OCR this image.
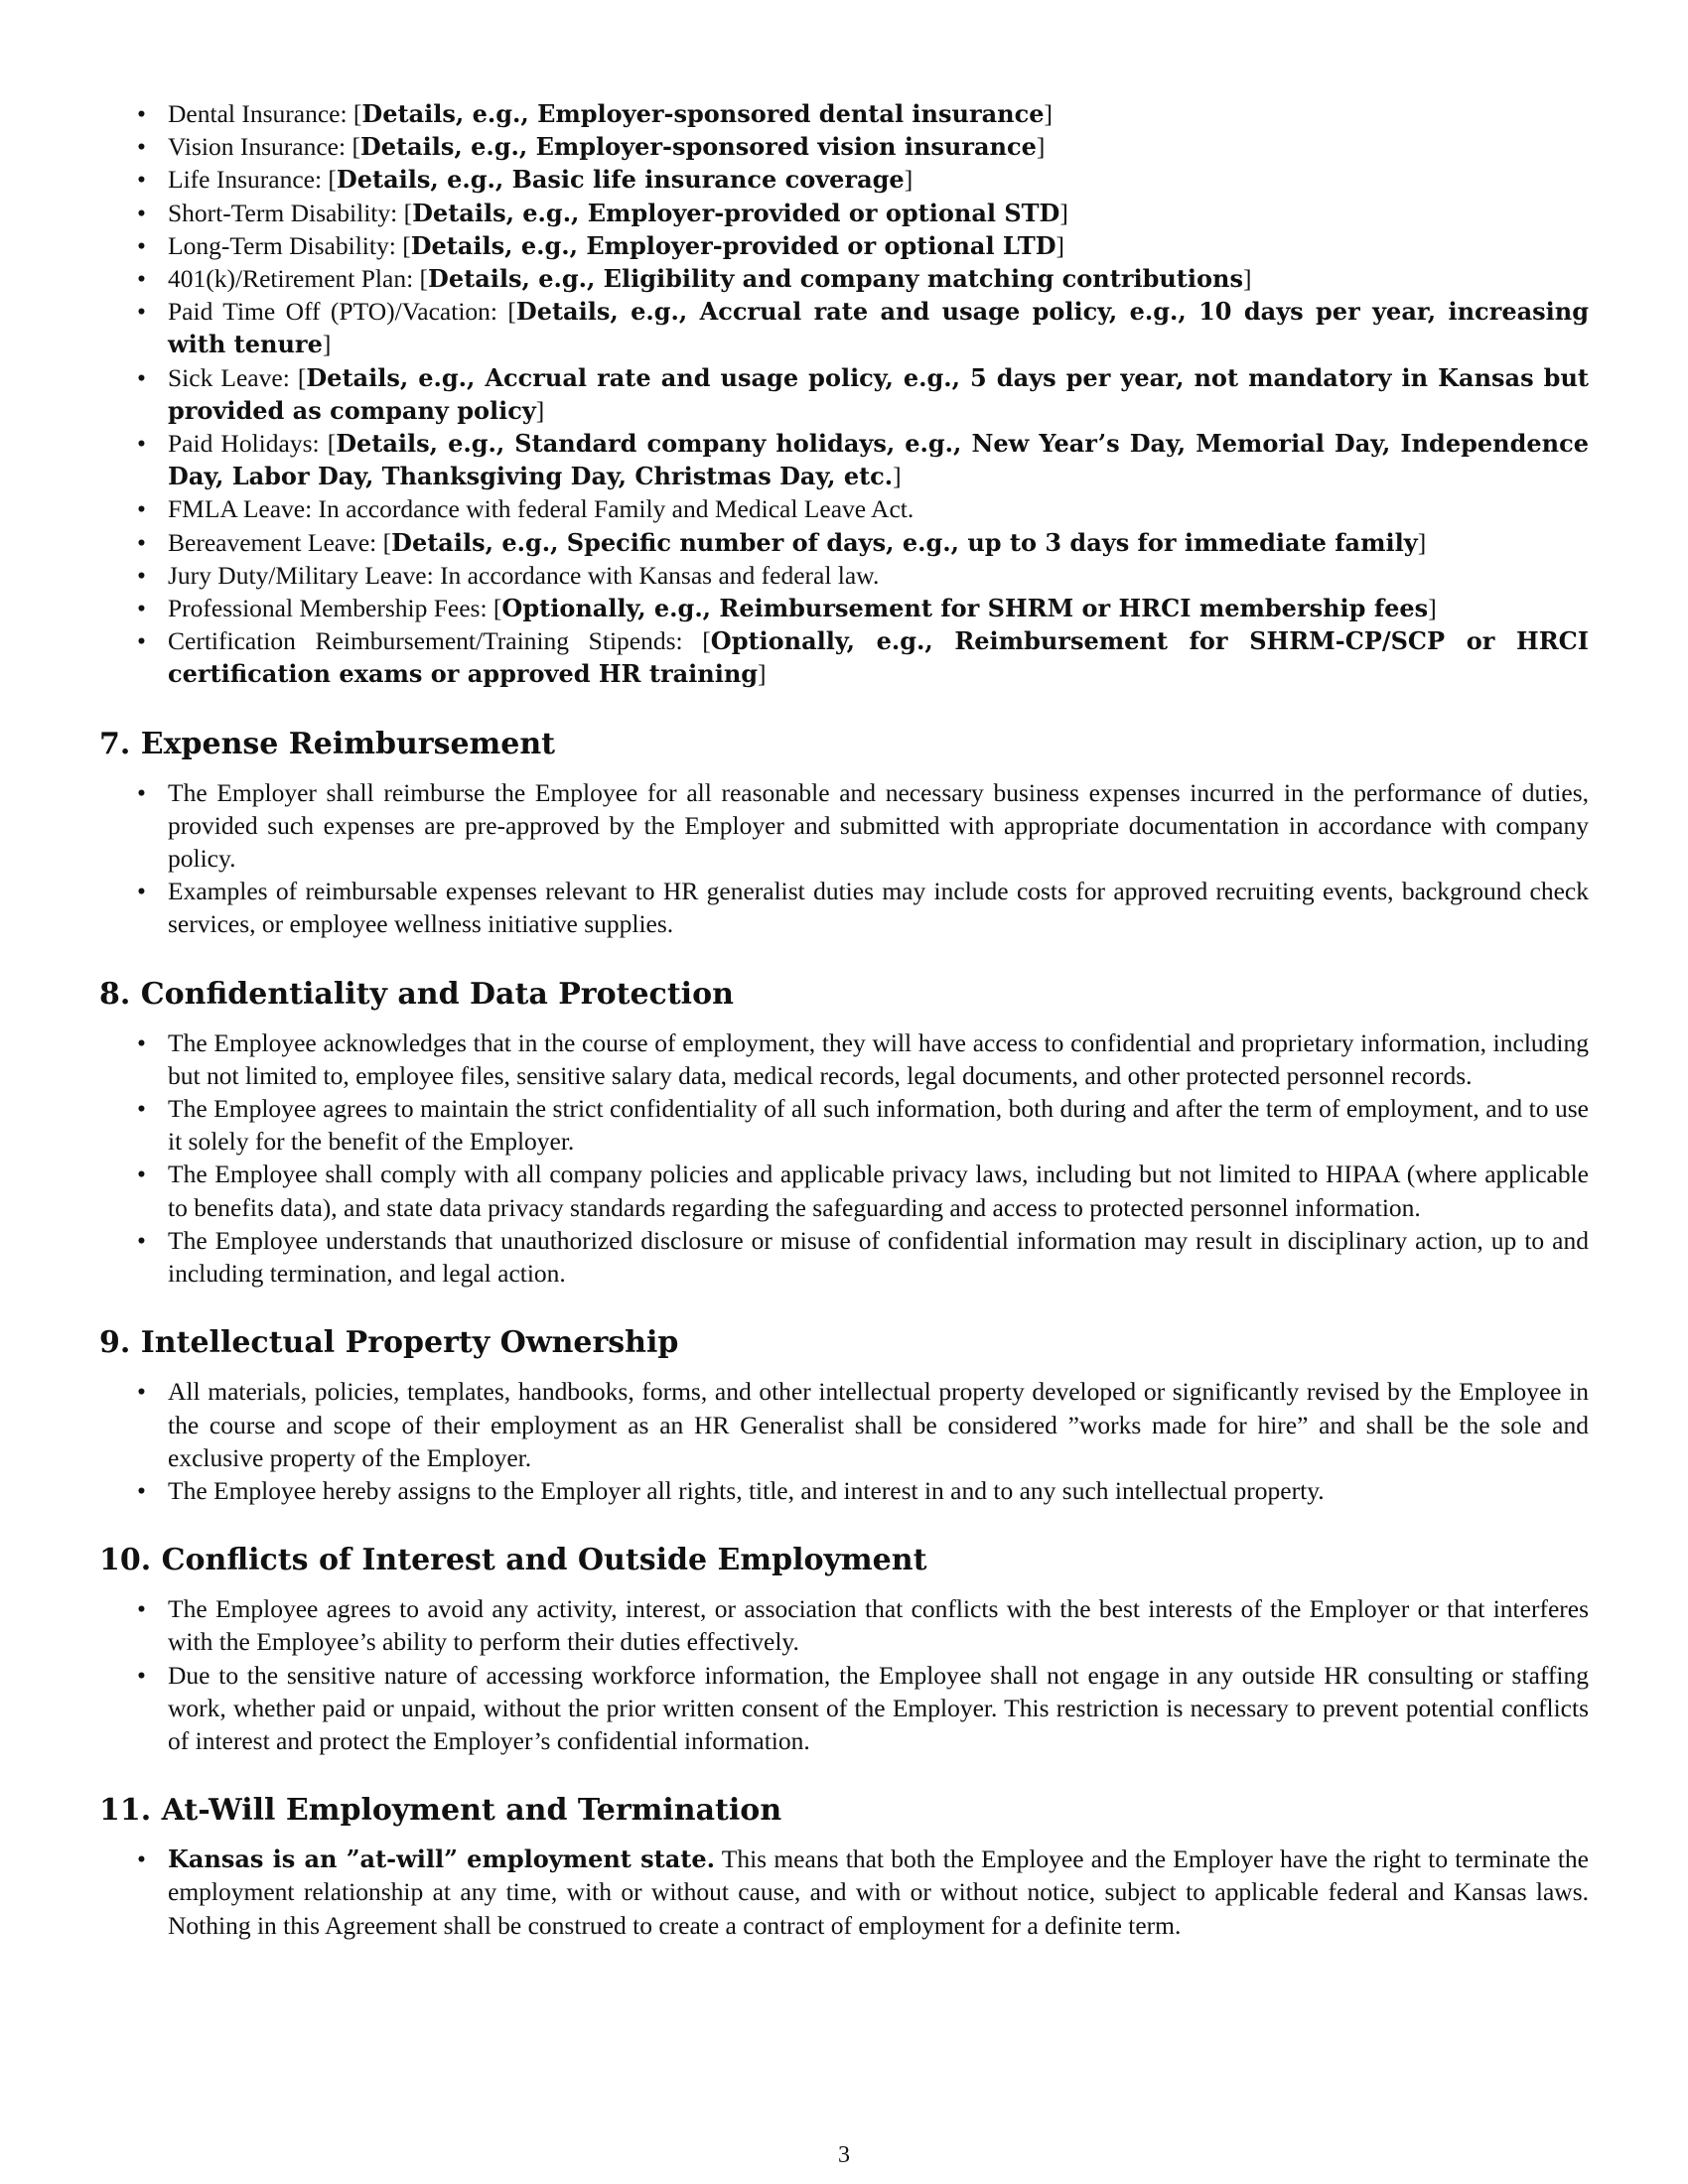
• Dental Insurance: [Details, e.g., Employer-sponsored dental insurance]
• Vision Insurance: [Details, e.g., Employer-sponsored vision insurance]
• Life Insurance: [Details, e.g., Basic life insurance coverage]
• Short-Term Disability: [Details, e.g., Employer-provided or optional STD]
• Long-Term Disability: [Details, e.g., Employer-provided or optional LTD]
• 401(k)/Retirement Plan: [Details, e.g., Eligibility and company matching contributions]
• Paid Time Off (PTO)/Vacation: [Details, e.g., Accrual rate and usage policy, e.g., 10 days per year, increasing with tenure]
• Sick Leave: [Details, e.g., Accrual rate and usage policy, e.g., 5 days per year, not mandatory in Kansas but provided as company policy]
• Paid Holidays: [Details, e.g., Standard company holidays, e.g., New Year’s Day, Memorial Day, Independence Day, Labor Day, Thanksgiving Day, Christmas Day, etc.]
• FMLA Leave: In accordance with federal Family and Medical Leave Act.
• Bereavement Leave: [Details, e.g., Specific number of days, e.g., up to 3 days for immediate family]
• Jury Duty/Military Leave: In accordance with Kansas and federal law.
• Professional Membership Fees: [Optionally, e.g., Reimbursement for SHRM or HRCI membership fees]
• Certification Reimbursement/Training Stipends: [Optionally, e.g., Reimbursement for SHRM-CP/SCP or HRCI certification exams or approved HR training]
7. Expense Reimbursement
• The Employer shall reimburse the Employee for all reasonable and necessary business expenses incurred in the performance of duties, provided such expenses are pre-approved by the Employer and submitted with appropriate documentation in accordance with company policy.
• Examples of reimbursable expenses relevant to HR generalist duties may include costs for approved recruiting events, background check services, or employee wellness initiative supplies.
8. Confidentiality and Data Protection
• The Employee acknowledges that in the course of employment, they will have access to confidential and proprietary information, including but not limited to, employee files, sensitive salary data, medical records, legal documents, and other protected personnel records.
• The Employee agrees to maintain the strict confidentiality of all such information, both during and after the term of employment, and to use it solely for the benefit of the Employer.
• The Employee shall comply with all company policies and applicable privacy laws, including but not limited to HIPAA (where applicable to benefits data), and state data privacy standards regarding the safeguarding and access to protected personnel information.
• The Employee understands that unauthorized disclosure or misuse of confidential information may result in disciplinary action, up to and including termination, and legal action.
9. Intellectual Property Ownership
• All materials, policies, templates, handbooks, forms, and other intellectual property developed or significantly revised by the Employee in the course and scope of their employment as an HR Generalist shall be considered ”works made for hire” and shall be the sole and exclusive property of the Employer.
• The Employee hereby assigns to the Employer all rights, title, and interest in and to any such intellectual property.
10. Conflicts of Interest and Outside Employment
• The Employee agrees to avoid any activity, interest, or association that conflicts with the best interests of the Employer or that interferes with the Employee’s ability to perform their duties effectively.
• Due to the sensitive nature of accessing workforce information, the Employee shall not engage in any outside HR consulting or staffing work, whether paid or unpaid, without the prior written consent of the Employer. This restriction is necessary to prevent potential conflicts of interest and protect the Employer’s confidential information.
11. At-Will Employment and Termination
• Kansas is an ”at-will” employment state. This means that both the Employee and the Employer have the right to terminate the employment relationship at any time, with or without cause, and with or without notice, subject to applicable federal and Kansas laws. Nothing in this Agreement shall be construed to create a contract of employment for a definite term.
3
